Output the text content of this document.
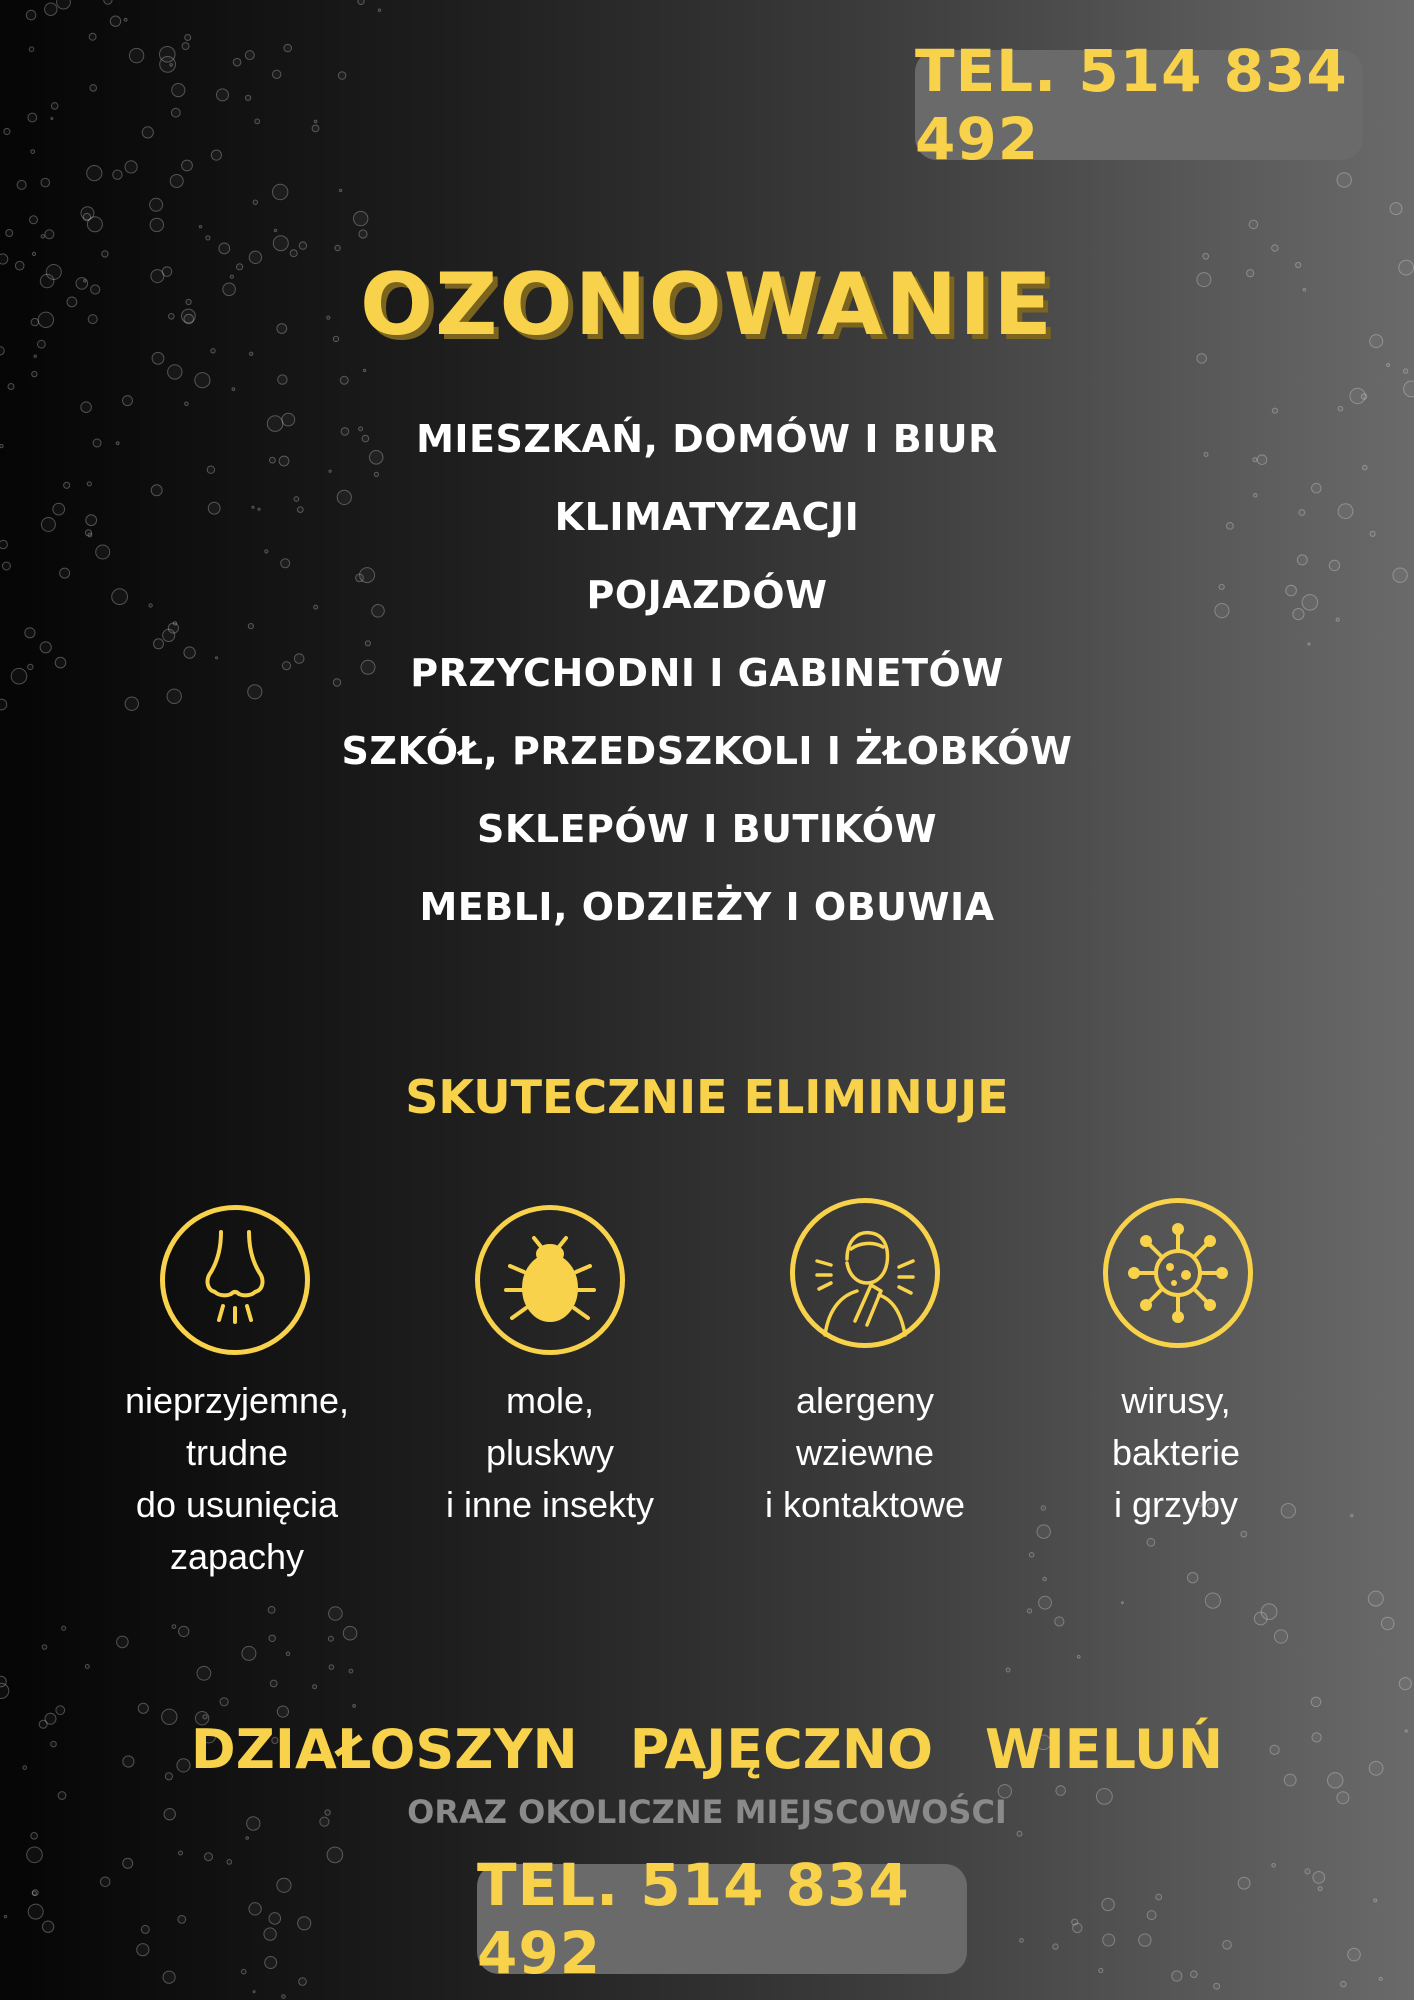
TEL. 514 834 492
OZONOWANIE
MIESZKAŃ, DOMÓW I BIUR
KLIMATYZACJI
POJAZDÓW
PRZYCHODNI I GABINETÓW
SZKÓŁ, PRZEDSZKOLI I ŻŁOBKÓW
SKLEPÓW I BUTIKÓW
MEBLI, ODZIEŻY I OBUWIA
SKUTECZNIE ELIMINUJE
nieprzyjemne,
trudne
do usunięcia
zapachy
mole,
pluskwy
i inne insekty
alergeny
wziewne
i kontaktowe
wirusy,
bakterie
i grzyby
DZIAŁOSZYN PAJĘCZNO WIELUŃ
ORAZ OKOLICZNE MIEJSCOWOŚCI
TEL. 514 834 492
